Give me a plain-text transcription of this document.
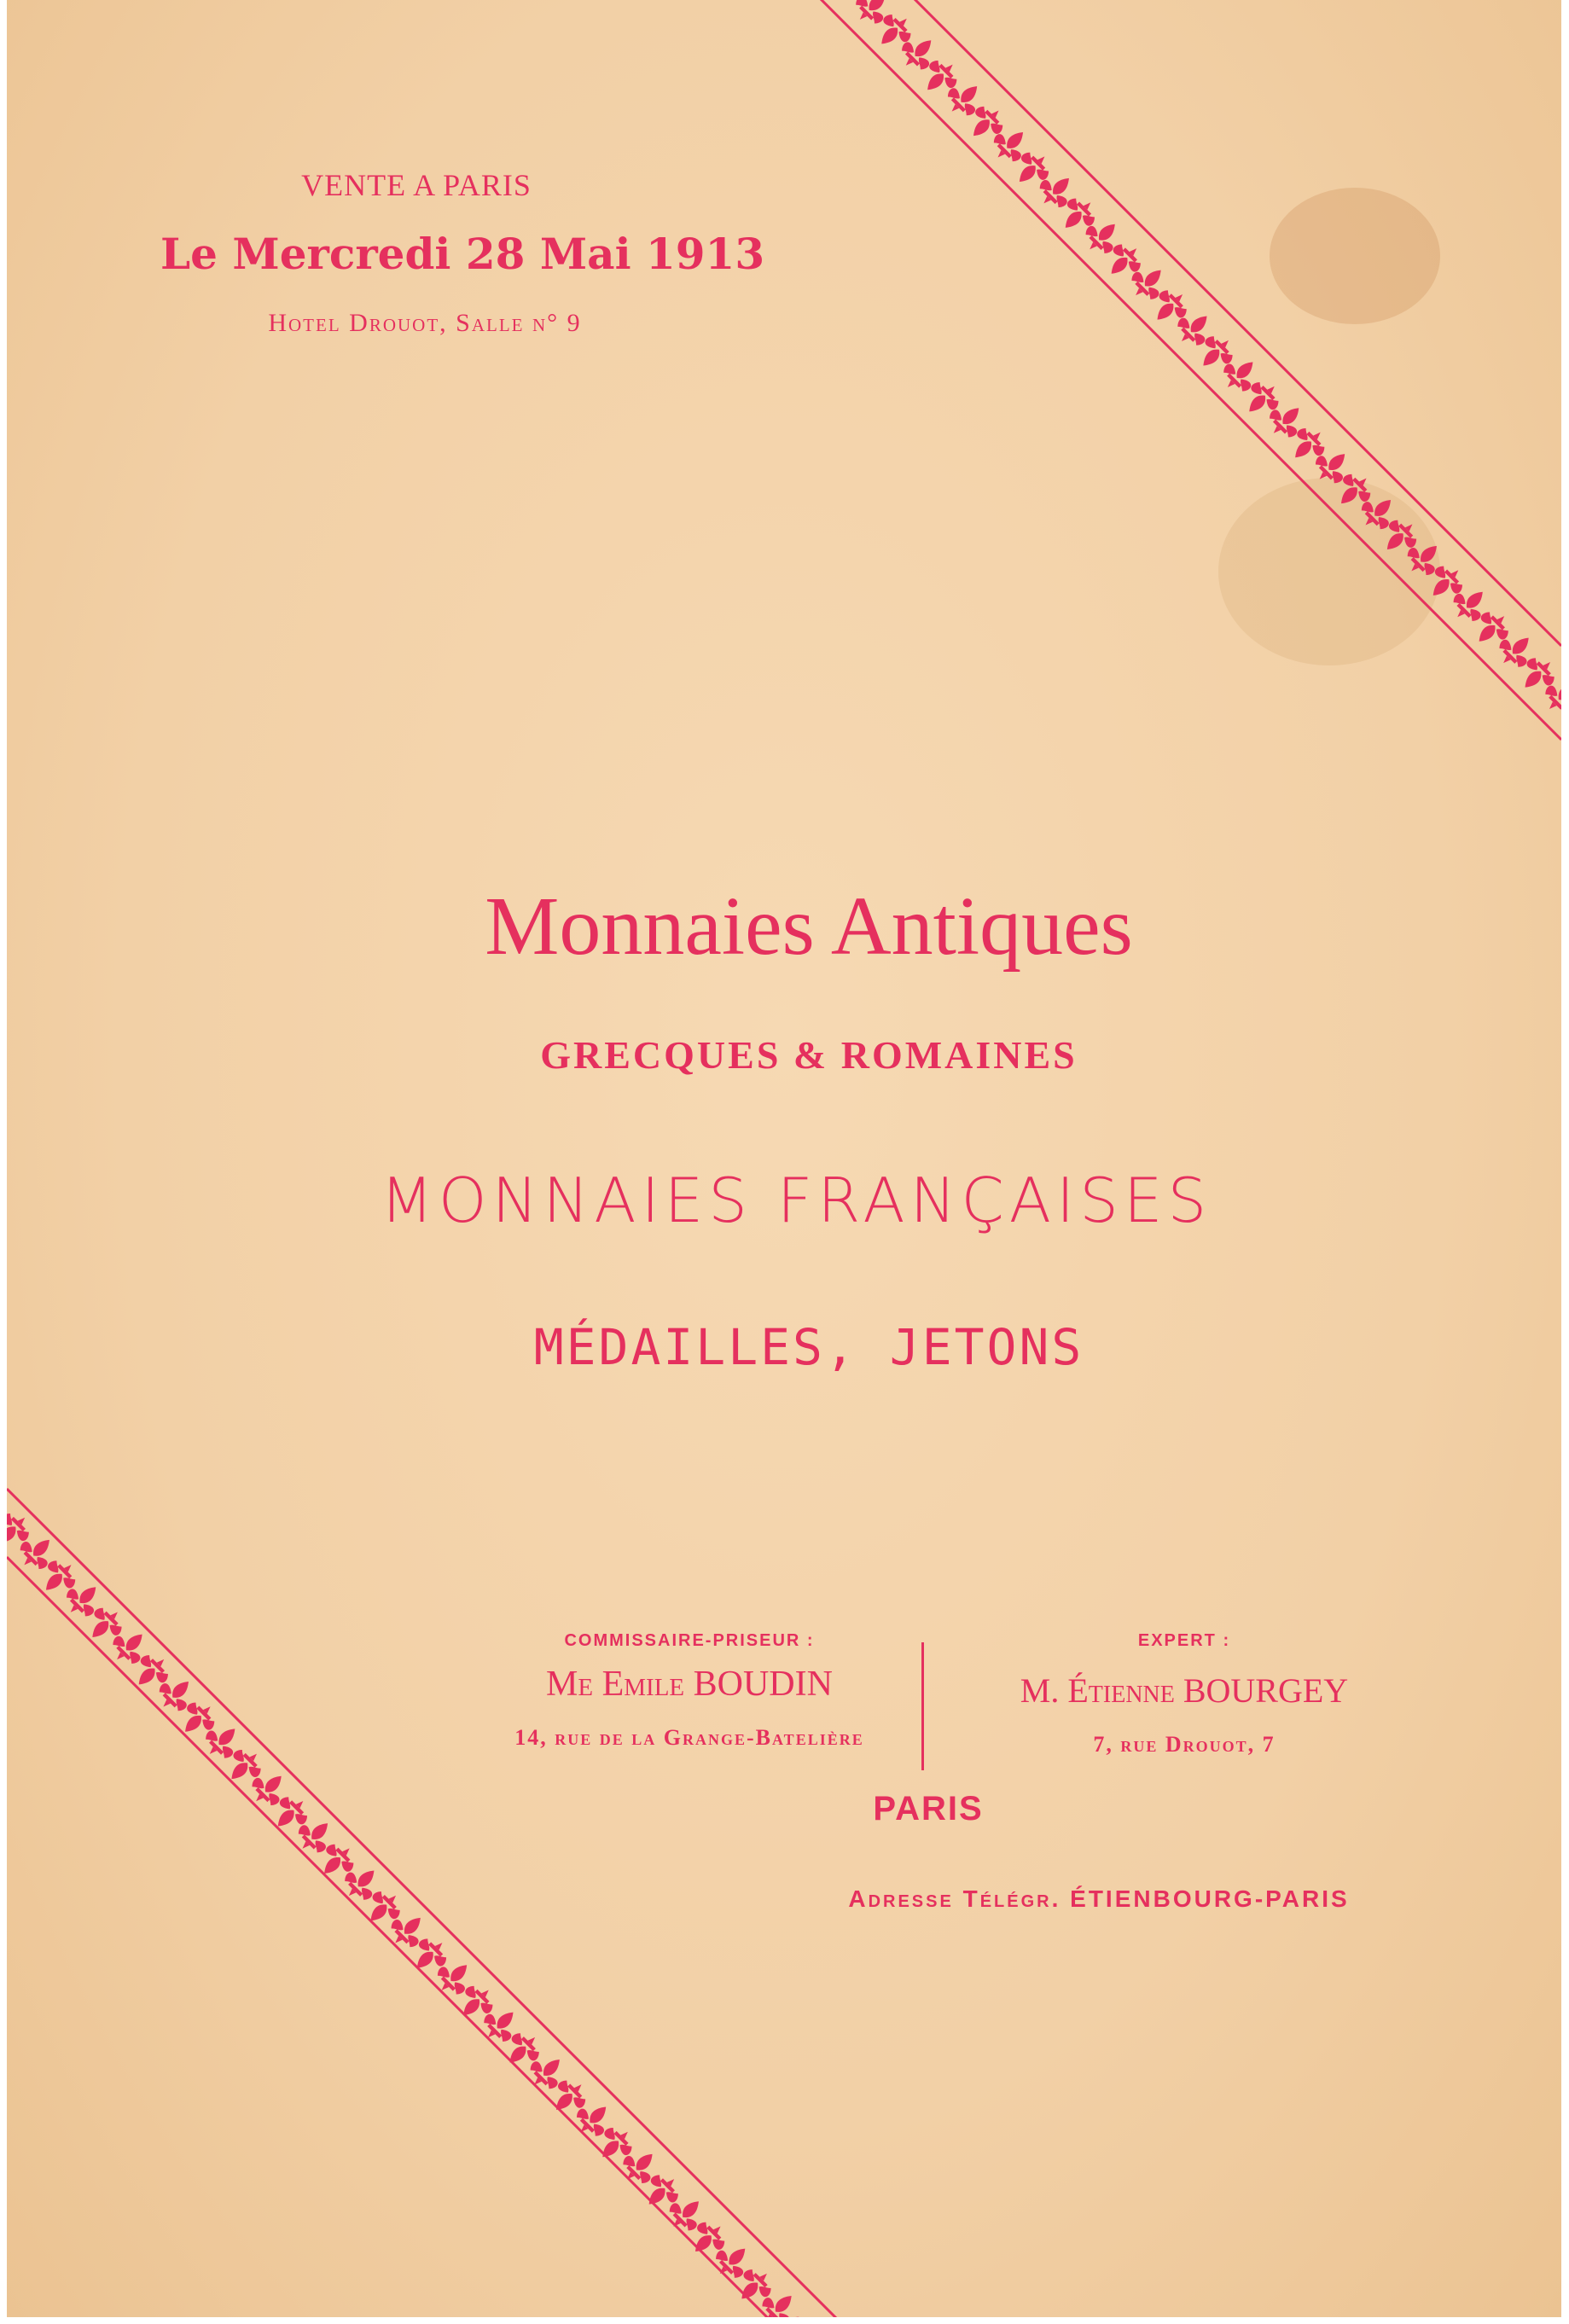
VENTE A PARIS
Le Mercredi 28 Mai 1913
Hotel Drouot, Salle n° 9
Monnaies Antiques
GRECQUES & ROMAINES
MONNAIES FRANÇAISES
MÉDAILLES, JETONS
COMMISSAIRE-PRISEUR :
Me Emile BOUDIN
14, rue de la Grange-Batelière
EXPERT :
M. Étienne BOURGEY
7, rue Drouot, 7
PARIS
Adresse Télégr. ÉTIENBOURG-PARIS
